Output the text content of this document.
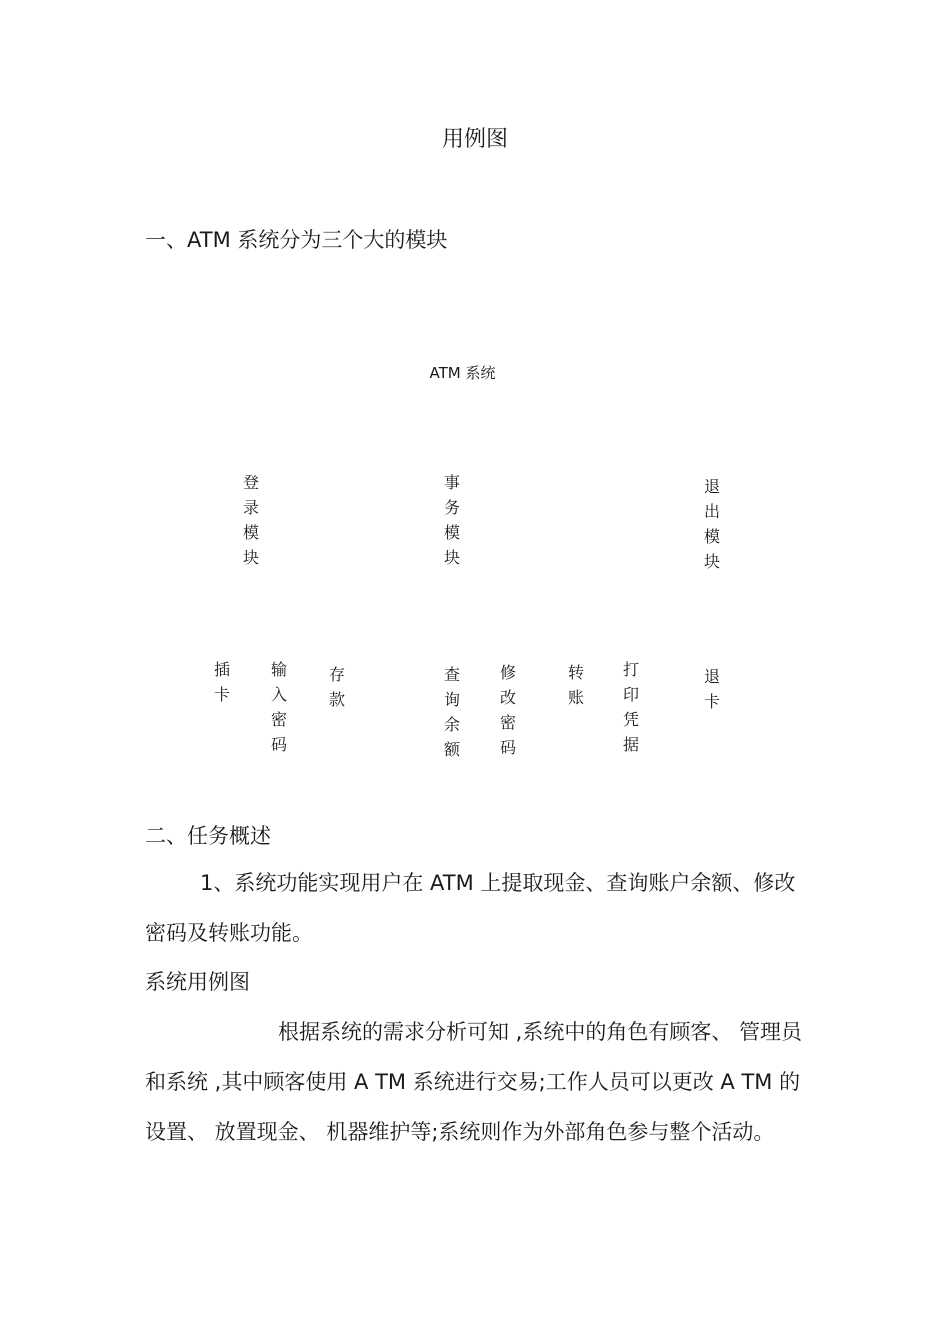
用例图
一、ATM 系统分为三个大的模块
ATM 系统
登
录
模
块
事
务
模
块
退
出
模
块
插
卡
输
入
密
码
存
款
查
询
余
额
修
改
密
码
转
账
打
印
凭
据
退
卡
二、任务概述
1、系统功能实现用户在 ATM 上提取现金、查询账户余额、修改密码及转账功能。
系统用例图
根据系统的需求分析可知 ,系统中的角色有顾客、 管理员和系统 ,其中顾客使用 A TM 系统进行交易;工作人员可以更改 A TM 的设置、 放置现金、 机器维护等;系统则作为外部角色参与整个活动。
